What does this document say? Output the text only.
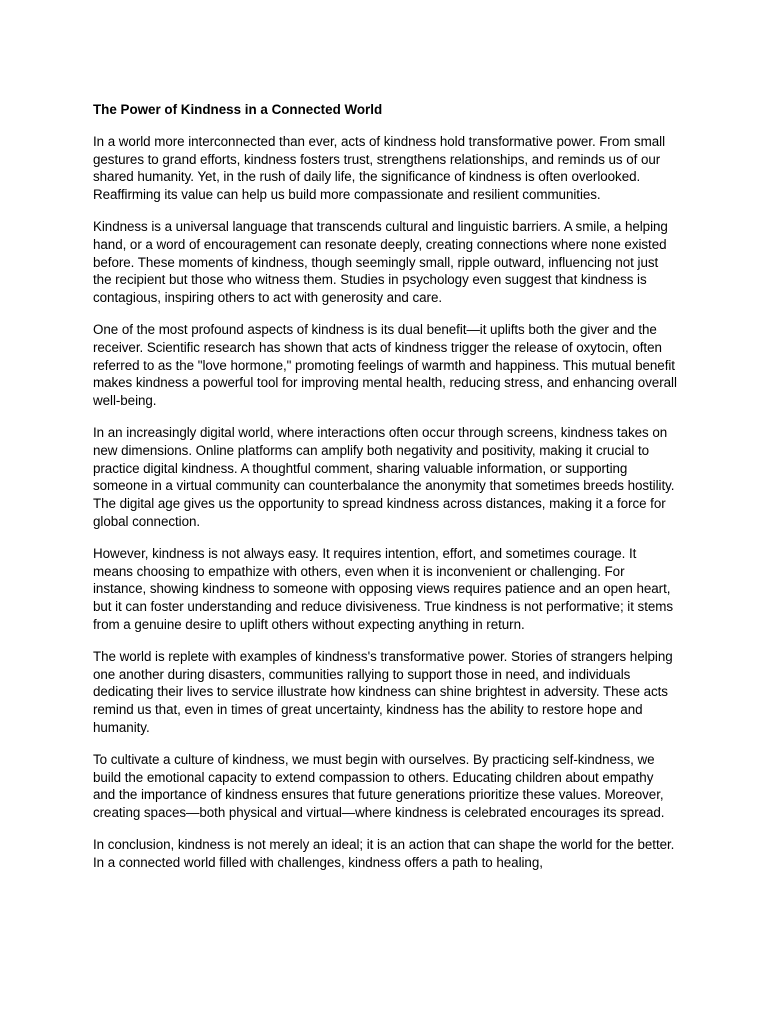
The Power of Kindness in a Connected World

In a world more interconnected than ever, acts of kindness hold transformative power. From small gestures to grand efforts, kindness fosters trust, strengthens relationships, and reminds us of our shared humanity. Yet, in the rush of daily life, the significance of kindness is often overlooked. Reaffirming its value can help us build more compassionate and resilient communities.

Kindness is a universal language that transcends cultural and linguistic barriers. A smile, a helping hand, or a word of encouragement can resonate deeply, creating connections where none existed before. These moments of kindness, though seemingly small, ripple outward, influencing not just the recipient but those who witness them. Studies in psychology even suggest that kindness is contagious, inspiring others to act with generosity and care.

One of the most profound aspects of kindness is its dual benefit—it uplifts both the giver and the receiver. Scientific research has shown that acts of kindness trigger the release of oxytocin, often referred to as the "love hormone," promoting feelings of warmth and happiness. This mutual benefit makes kindness a powerful tool for improving mental health, reducing stress, and enhancing overall well-being.

In an increasingly digital world, where interactions often occur through screens, kindness takes on new dimensions. Online platforms can amplify both negativity and positivity, making it crucial to practice digital kindness. A thoughtful comment, sharing valuable information, or supporting someone in a virtual community can counterbalance the anonymity that sometimes breeds hostility. The digital age gives us the opportunity to spread kindness across distances, making it a force for global connection.

However, kindness is not always easy. It requires intention, effort, and sometimes courage. It means choosing to empathize with others, even when it is inconvenient or challenging. For instance, showing kindness to someone with opposing views requires patience and an open heart, but it can foster understanding and reduce divisiveness. True kindness is not performative; it stems from a genuine desire to uplift others without expecting anything in return.

The world is replete with examples of kindness's transformative power. Stories of strangers helping one another during disasters, communities rallying to support those in need, and individuals dedicating their lives to service illustrate how kindness can shine brightest in adversity. These acts remind us that, even in times of great uncertainty, kindness has the ability to restore hope and humanity.

To cultivate a culture of kindness, we must begin with ourselves. By practicing self-kindness, we build the emotional capacity to extend compassion to others. Educating children about empathy and the importance of kindness ensures that future generations prioritize these values. Moreover, creating spaces—both physical and virtual—where kindness is celebrated encourages its spread.

In conclusion, kindness is not merely an ideal; it is an action that can shape the world for the better. In a connected world filled with challenges, kindness offers a path to healing,
